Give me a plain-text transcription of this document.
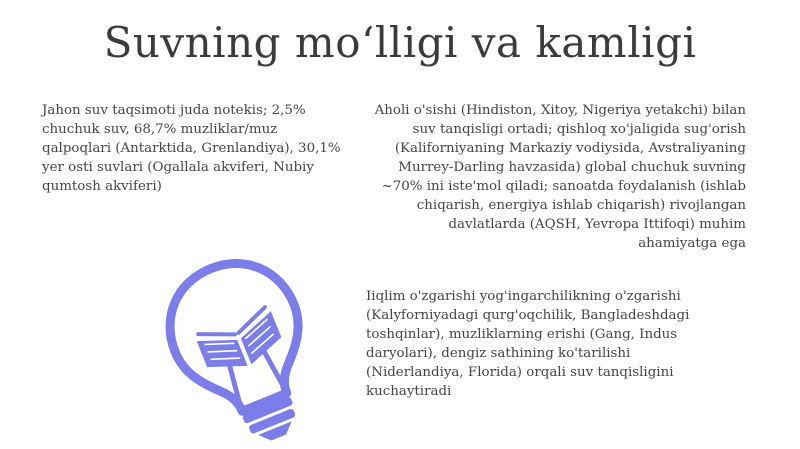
Suvning mo‘lligi va kamligi

Jahon suv taqsimoti juda notekis; 2,5% chuchuk suv, 68,7% muzliklar/muz qalpoqlari (Antarktida, Grenlandiya), 30,1% yer osti suvlari (Ogallala akviferi, Nubiy qumtosh akviferi)

Aholi o'sishi (Hindiston, Xitoy, Nigeriya yetakchi) bilan suv tanqisligi ortadi; qishloq xo'jaligida sug'orish (Kaliforniyaning Markaziy vodiysida, Avstraliyaning Murrey-Darling havzasida) global chuchuk suvning ~70% ini iste'mol qiladi; sanoatda foydalanish (ishlab chiqarish, energiya ishlab chiqarish) rivojlangan davlatlarda (AQSH, Yevropa Ittifoqi) muhim ahamiyatga ega

Iiqlim o'zgarishi yog'ingarchilikning o'zgarishi (Kalyforniyadagi qurg'oqchilik, Bangladeshdagi toshqinlar), muzliklarning erishi (Gang, Indus daryolari), dengiz sathining ko'tarilishi (Niderlandiya, Florida) orqali suv tanqisligini kuchaytiradi
